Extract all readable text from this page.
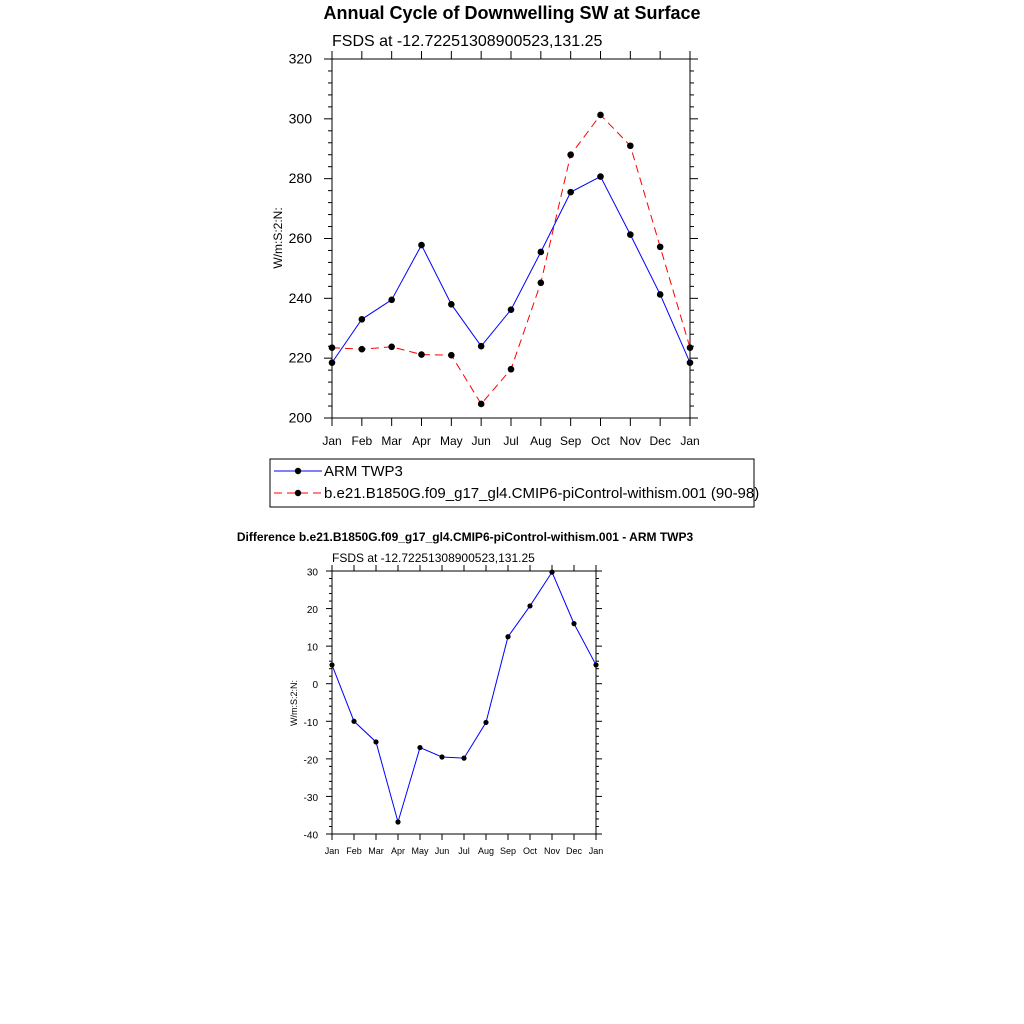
Annual Cycle of Downwelling SW at Surface
FSDS at -12.72251308900523,131.25
W/m:S:2:N:
200
220
240
260
280
300
320
Jan Feb Mar Apr May Jun Jul Aug Sep Oct Nov Dec Jan
ARM TWP3
b.e21.B1850G.f09_g17_gl4.CMIP6-piControl-withism.001 (90-98)
Difference b.e21.B1850G.f09_g17_gl4.CMIP6-piControl-withism.001 - ARM TWP3
FSDS at -12.72251308900523,131.25
W/m:S:2:N:
-40
-30
-20
-10
0
10
20
30
Jan Feb Mar Apr May Jun Jul Aug Sep Oct Nov Dec Jan
